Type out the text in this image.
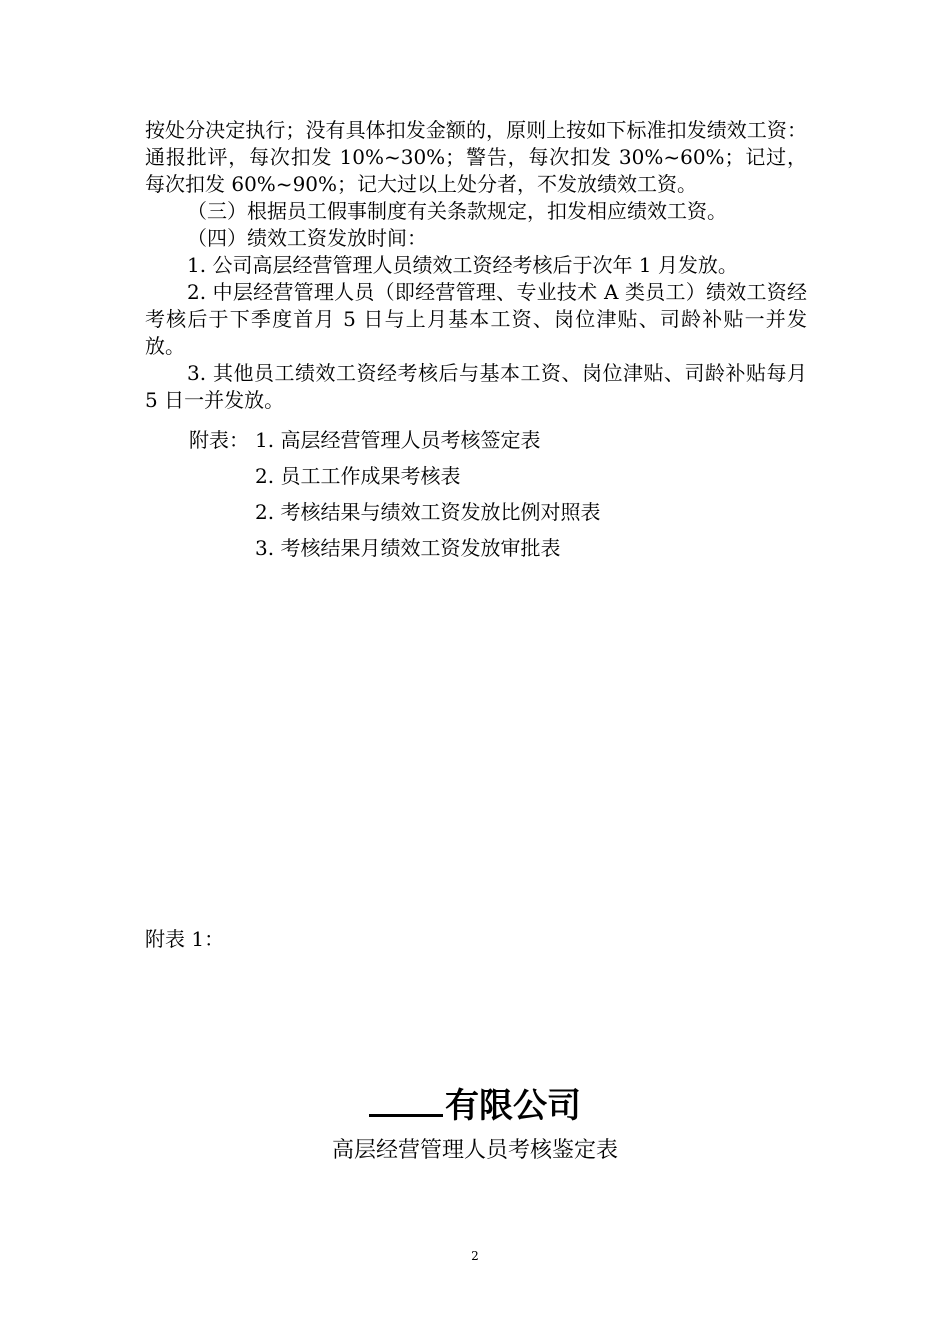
按处分决定执行；没有具体扣发金额的，原则上按如下标准扣发绩效工资：通报批评，每次扣发 10%~30%；警告，每次扣发 30%~60%；记过，每次扣发 60%~90%；记大过以上处分者，不发放绩效工资。

（三）根据员工假事制度有关条款规定，扣发相应绩效工资。

（四）绩效工资发放时间：

1. 公司高层经营管理人员绩效工资经考核后于次年 1 月发放。

2. 中层经营管理人员（即经营管理、专业技术 A 类员工）绩效工资经考核后于下季度首月 5 日与上月基本工资、岗位津贴、司龄补贴一并发放。

3. 其他员工绩效工资经考核后与基本工资、岗位津贴、司龄补贴每月 5 日一并发放。

附表： 1. 高层经营管理人员考核签定表
2. 员工工作成果考核表
2. 考核结果与绩效工资发放比例对照表
3. 考核结果月绩效工资发放审批表
附表 1：
有限公司
高层经营管理人员考核鉴定表
2
